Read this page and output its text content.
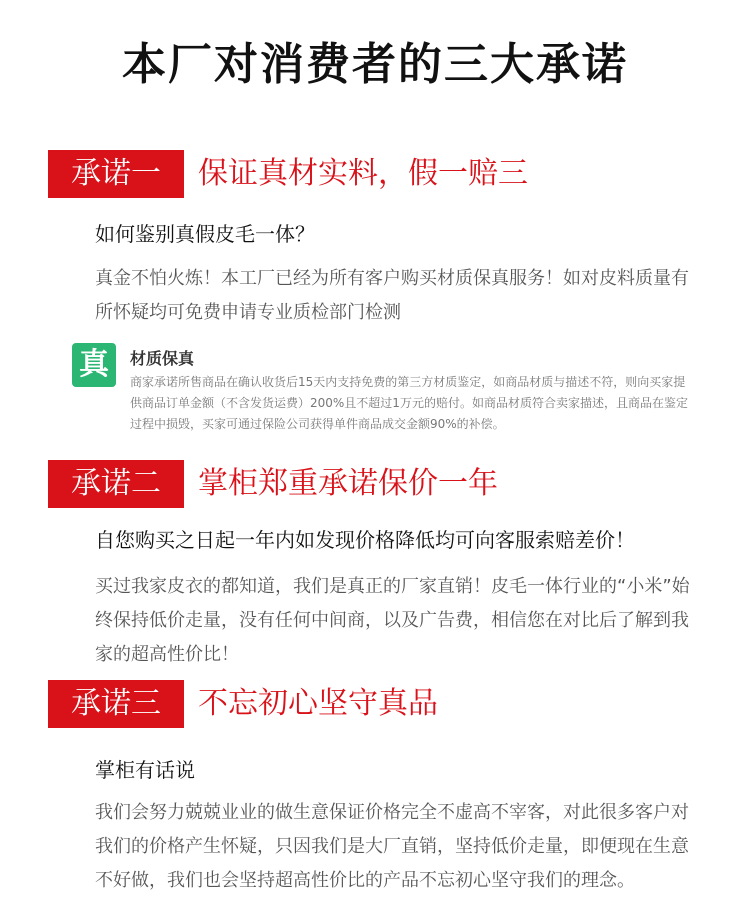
本厂对消费者的三大承诺
承诺一	保证真材实料，假一赔三
如何鉴别真假皮毛一体？
真金不怕火炼！本工厂已经为所有客户购买材质保真服务！如对皮料质量有所怀疑均可免费申请专业质检部门检测
真	材质保真
商家承诺所售商品在确认收货后15天内支持免费的第三方材质鉴定，如商品材质与描述不符，则向买家提供商品订单金额（不含发货运费）200%且不超过1万元的赔付。如商品材质符合卖家描述，且商品在鉴定过程中损毁，买家可通过保险公司获得单件商品成交金额90%的补偿。
承诺二	掌柜郑重承诺保价一年
自您购买之日起一年内如发现价格降低均可向客服索赔差价！
买过我家皮衣的都知道，我们是真正的厂家直销！皮毛一体行业的“小米”始终保持低价走量，没有任何中间商，以及广告费，相信您在对比后了解到我家的超高性价比！
承诺三	不忘初心坚守真品
掌柜有话说
我们会努力兢兢业业的做生意保证价格完全不虚高不宰客，对此很多客户对我们的价格产生怀疑，只因我们是大厂直销，坚持低价走量，即便现在生意不好做，我们也会坚持超高性价比的产品不忘初心坚守我们的理念。
